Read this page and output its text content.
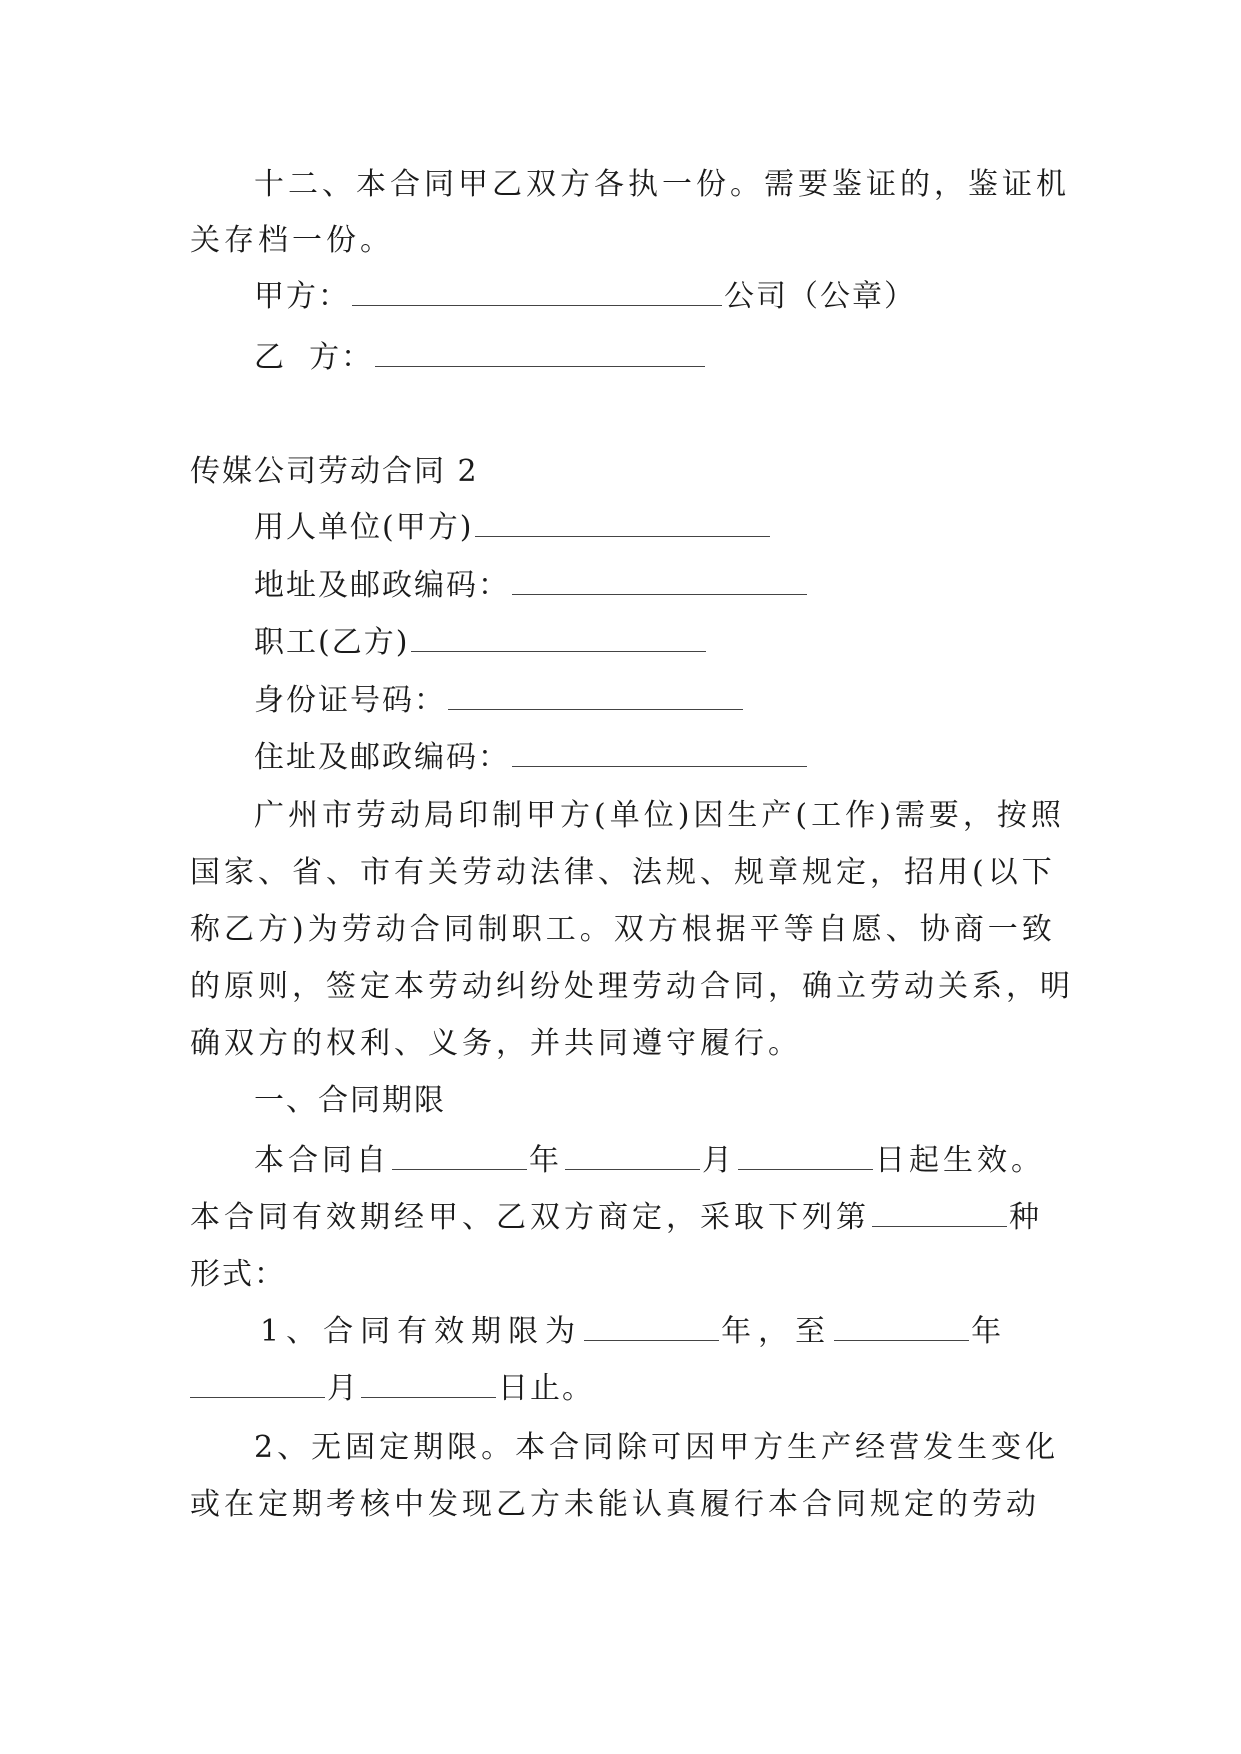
十二、本合同甲乙双方各执一份。需要鉴证的，鉴证机
关存档一份。
甲方：	公司（公章）
乙  方：
传媒公司劳动合同 2
用人单位(甲方)
地址及邮政编码：
职工(乙方)
身份证号码：
住址及邮政编码：
广州市劳动局印制甲方(单位)因生产(工作)需要，按照
国家、省、市有关劳动法律、法规、规章规定，招用(以下
称乙方)为劳动合同制职工。双方根据平等自愿、协商一致
的原则，签定本劳动纠纷处理劳动合同，确立劳动关系，明
确双方的权利、义务，并共同遵守履行。
一、合同期限
本合同自	年	月	日起生效。
本合同有效期经甲、乙双方商定，采取下列第	种
形式：
1、合同有效期限为	年，至	年
月	日止。
2、无固定期限。本合同除可因甲方生产经营发生变化
或在定期考核中发现乙方未能认真履行本合同规定的劳动
